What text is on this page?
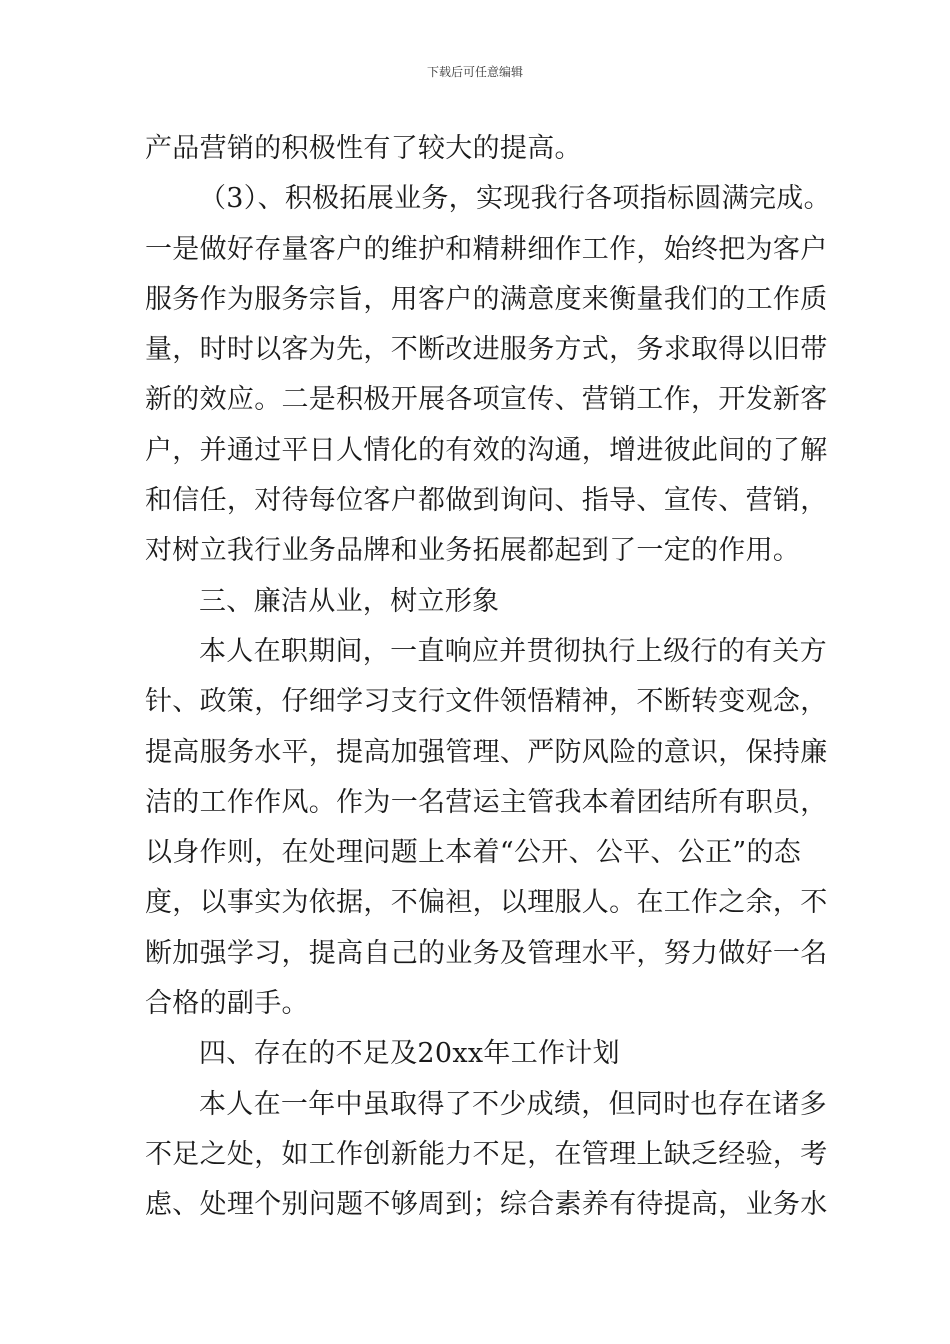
下载后可任意编辑
产品营销的积极性有了较大的提高。
（3）、积极拓展业务，实现我行各项指标圆满完成。
一是做好存量客户的维护和精耕细作工作，始终把为客户
服务作为服务宗旨，用客户的满意度来衡量我们的工作质
量，时时以客为先，不断改进服务方式，务求取得以旧带
新的效应。二是积极开展各项宣传、营销工作，开发新客
户，并通过平日人情化的有效的沟通，增进彼此间的了解
和信任，对待每位客户都做到询问、指导、宣传、营销，
对树立我行业务品牌和业务拓展都起到了一定的作用。
三、廉洁从业，树立形象
本人在职期间，一直响应并贯彻执行上级行的有关方
针、政策，仔细学习支行文件领悟精神，不断转变观念，
提高服务水平，提高加强管理、严防风险的意识，保持廉
洁的工作作风。作为一名营运主管我本着团结所有职员，
以身作则，在处理问题上本着“公开、公平、公正”的态
度，以事实为依据，不偏袒，以理服人。在工作之余，不
断加强学习，提高自己的业务及管理水平，努力做好一名
合格的副手。
四、存在的不足及20xx年工作计划
本人在一年中虽取得了不少成绩，但同时也存在诸多
不足之处，如工作创新能力不足，在管理上缺乏经验，考
虑、处理个别问题不够周到；综合素养有待提高，业务水
